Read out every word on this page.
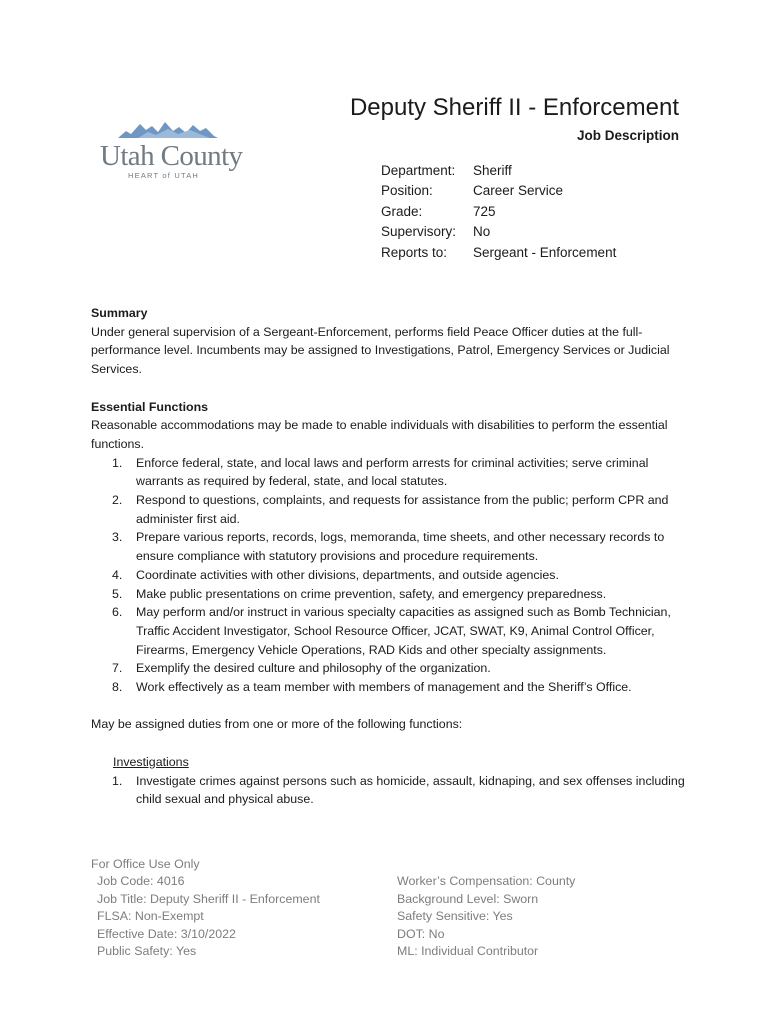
Utah County
HEART of UTAH
Deputy Sheriff II - Enforcement
Job Description
Department: Sheriff
Position:	Career Service
Grade:	725
Supervisory: No
Reports to: Sergeant - Enforcement

Summary

Under general supervision of a Sergeant-Enforcement, performs field Peace Officer duties at the full-performance level. Incumbents may be assigned to Investigations, Patrol, Emergency Services or Judicial Services.

Essential Functions

Reasonable accommodations may be made to enable individuals with disabilities to perform the essential functions.

1. Enforce federal, state, and local laws and perform arrests for criminal activities; serve criminal warrants as required by federal, state, and local statutes.
2. Respond to questions, complaints, and requests for assistance from the public; perform CPR and administer first aid.
3. Prepare various reports, records, logs, memoranda, time sheets, and other necessary records to ensure compliance with statutory provisions and procedure requirements.
4. Coordinate activities with other divisions, departments, and outside agencies.
5. Make public presentations on crime prevention, safety, and emergency preparedness.
6. May perform and/or instruct in various specialty capacities as assigned such as Bomb Technician, Traffic Accident Investigator, School Resource Officer, JCAT, SWAT, K9, Animal Control Officer, Firearms, Emergency Vehicle Operations, RAD Kids and other specialty assignments.
7. Exemplify the desired culture and philosophy of the organization.
8. Work effectively as a team member with members of management and the Sheriff’s Office.

May be assigned duties from one or more of the following functions:

Investigations

1. Investigate crimes against persons such as homicide, assault, kidnaping, and sex offenses including child sexual and physical abuse.
For Office Use Only
Job Code: 4016
Job Title: Deputy Sheriff II - Enforcement
FLSA: Non-Exempt
Effective Date: 3/10/2022
Public Safety: Yes
Worker’s Compensation: County
Background Level: Sworn
Safety Sensitive: Yes
DOT: No
ML: Individual Contributor
